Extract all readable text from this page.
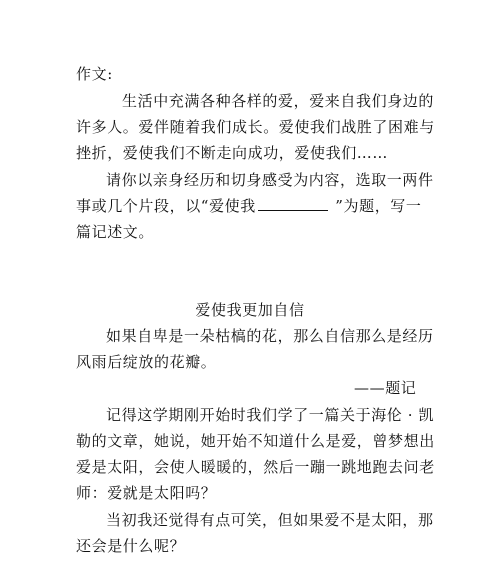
作文:
生活中充满各种各样的爱，爱来自我们身边的
许多人。爱伴随着我们成长。爱使我们战胜了困难与
挫折，爱使我们不断走向成功，爱使我们……
请你以亲身经历和切身感受为内容，选取一两件
事或几个片段，以“爱使我	”为题，写一
篇记述文。
爱使我更加自信
如果自卑是一朵枯槁的花，那么自信那么是经历
风雨后绽放的花瓣。
——题记
记得这学期刚开始时我们学了一篇关于海伦 · 凯
勒的文章，她说，她开始不知道什么是爱，曾梦想出
爱是太阳，会使人暖暖的，然后一蹦一跳地跑去问老
师：爱就是太阳吗？
当初我还觉得有点可笑，但如果爱不是太阳，那
还会是什么呢？
